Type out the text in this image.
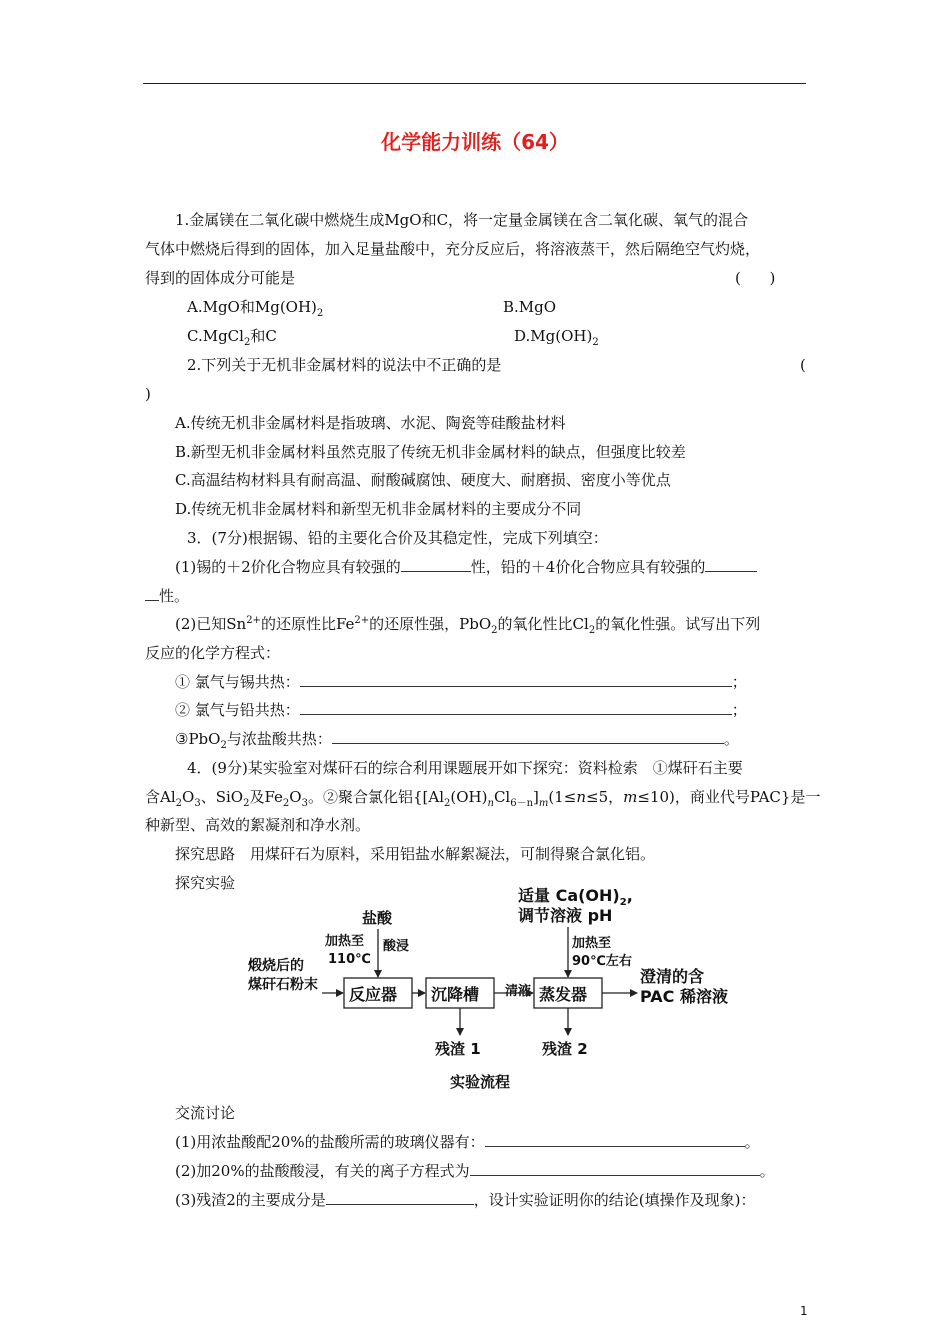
化学能力训练（64）
1.金属镁在二氧化碳中燃烧生成MgO和C，将一定量金属镁在含二氧化碳、氧气的混合
气体中燃烧后得到的固体，加入足量盐酸中，充分反应后，将溶液蒸干，然后隔绝空气灼烧，
得到的固体成分可能是	(      )
A.MgO和$Mg(OH)_2$	B.MgO
C.MgCl$_2$和C	$D.Mg(OH)_2$
2.下列关于无机非金属材料的说法中不正确的是	(
)
A.传统无机非金属材料是指玻璃、水泥、陶瓷等硅酸盐材料
B.新型无机非金属材料虽然克服了传统无机非金属材料的缺点，但强度比较差
C.高温结构材料具有耐高温、耐酸碱腐蚀、硬度大、耐磨损、密度小等优点
D.传统无机非金属材料和新型无机非金属材料的主要成分不同
3．(7分)根据锡、铅的主要化合价及其稳定性，完成下列填空：
(1)锡的＋2价化合物应具有较强的	性，铅的＋4价化合物应具有较强的
性。
(2)已知$Sn^{2+}$的还原性比$Fe^{2+}$的还原性强，PbO$_2$的氧化性比$Cl_2$的氧化性强。试写出下列
反应的化学方程式：
① 氯气与锡共热：	；
② 氯气与铅共热：	；
③PbO$_2$与浓盐酸共热：	。
4．(9分)某实验室对煤矸石的综合利用课题展开如下探究：资料检索　①煤矸石主要
含$Al_2O_3$、SiO$_2$及$Fe_2O_3$。②聚合氯化铝{$[Al_2(OH)_nCl_{6-n}]_m(1\le n\le 5$，m≤10)，商业代号PAC}是一
种新型、高效的絮凝剂和净水剂。
探究思路　用煤矸石为原料，采用铝盐水解絮凝法，可制得聚合氯化铝。
探究实验
煅烧后的
煤矸石粉末
盐酸
加热至
110℃
酸浸
清液
适量 $Ca(OH)_2$,
调节溶液 pH
加热至
90℃左右
澄清的含
PAC 稀溶液
残渣 1	残渣 2
实验流程
反应器 沉降槽	蒸发器
交流讨论
(1)用浓盐酸配20%的盐酸所需的玻璃仪器有：	。
(2)加20%的盐酸酸浸，有关的离子方程式为	。
(3)残渣2的主要成分是	，设计实验证明你的结论(填操作及现象)：
1
